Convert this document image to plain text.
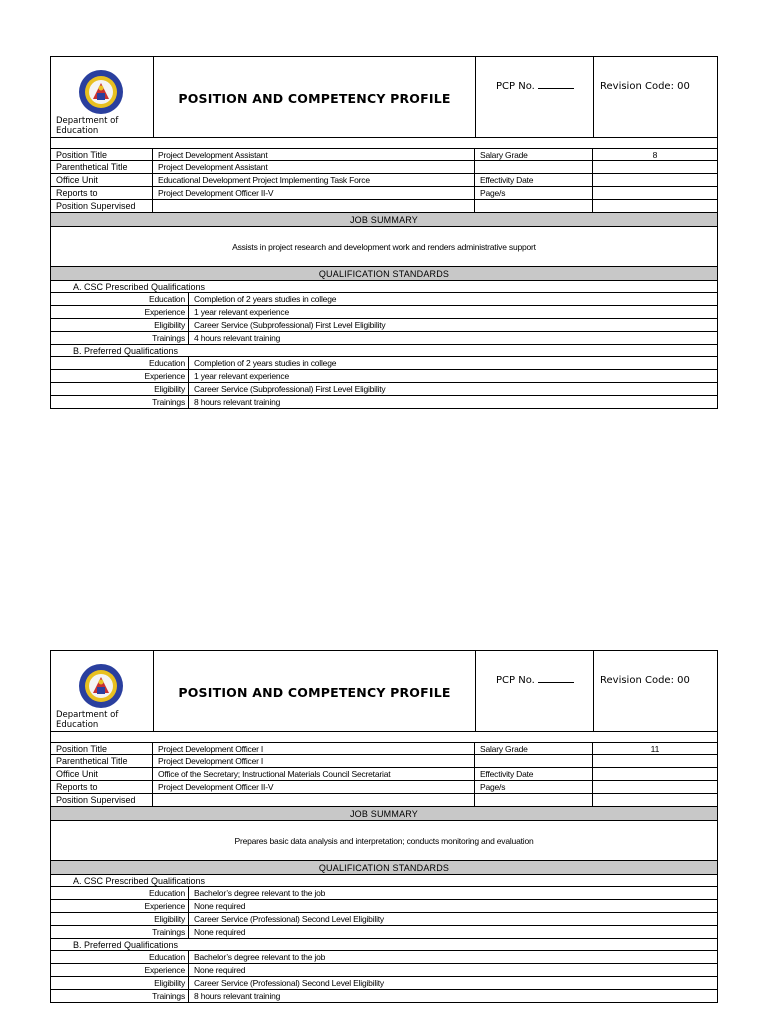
Department of Education
POSITION AND COMPETENCY PROFILE
PCP No.	Revision Code: 00
Position Title	Project Development Assistant	Salary Grade	8
Parenthetical Title	Project Development Assistant
Office Unit	Educational Development Project Implementing Task Force	Effectivity Date
Reports to	Project Development Officer II-V	Page/s
Position Supervised
JOB SUMMARY
Assists in project research and development work and renders administrative support
QUALIFICATION STANDARDS
A. CSC Prescribed Qualifications
Education	Completion of 2 years studies in college
Experience	1 year relevant experience
Eligibility	Career Service (Subprofessional) First Level Eligibility
Trainings	4 hours relevant training
B. Preferred Qualifications
Education	Completion of 2 years studies in college
Experience	1 year relevant experience
Eligibility	Career Service (Subprofessional) First Level Eligibility
Trainings	8 hours relevant training
Department of Education
POSITION AND COMPETENCY PROFILE
PCP No.	Revision Code: 00
Position Title	Project Development Officer I	Salary Grade	11
Parenthetical Title	Project Development Officer I
Office Unit	Office of the Secretary; Instructional Materials Council Secretariat	Effectivity Date
Reports to	Project Development Officer II-V	Page/s
Position Supervised
JOB SUMMARY
Prepares basic data analysis and interpretation; conducts monitoring and evaluation
QUALIFICATION STANDARDS
A. CSC Prescribed Qualifications
Education	Bachelor’s degree relevant to the job
Experience	None required
Eligibility	Career Service (Professional) Second Level Eligibility
Trainings	None required
B. Preferred Qualifications
Education	Bachelor’s degree relevant to the job
Experience	None required
Eligibility	Career Service (Professional) Second Level Eligibility
Trainings	8 hours relevant training
